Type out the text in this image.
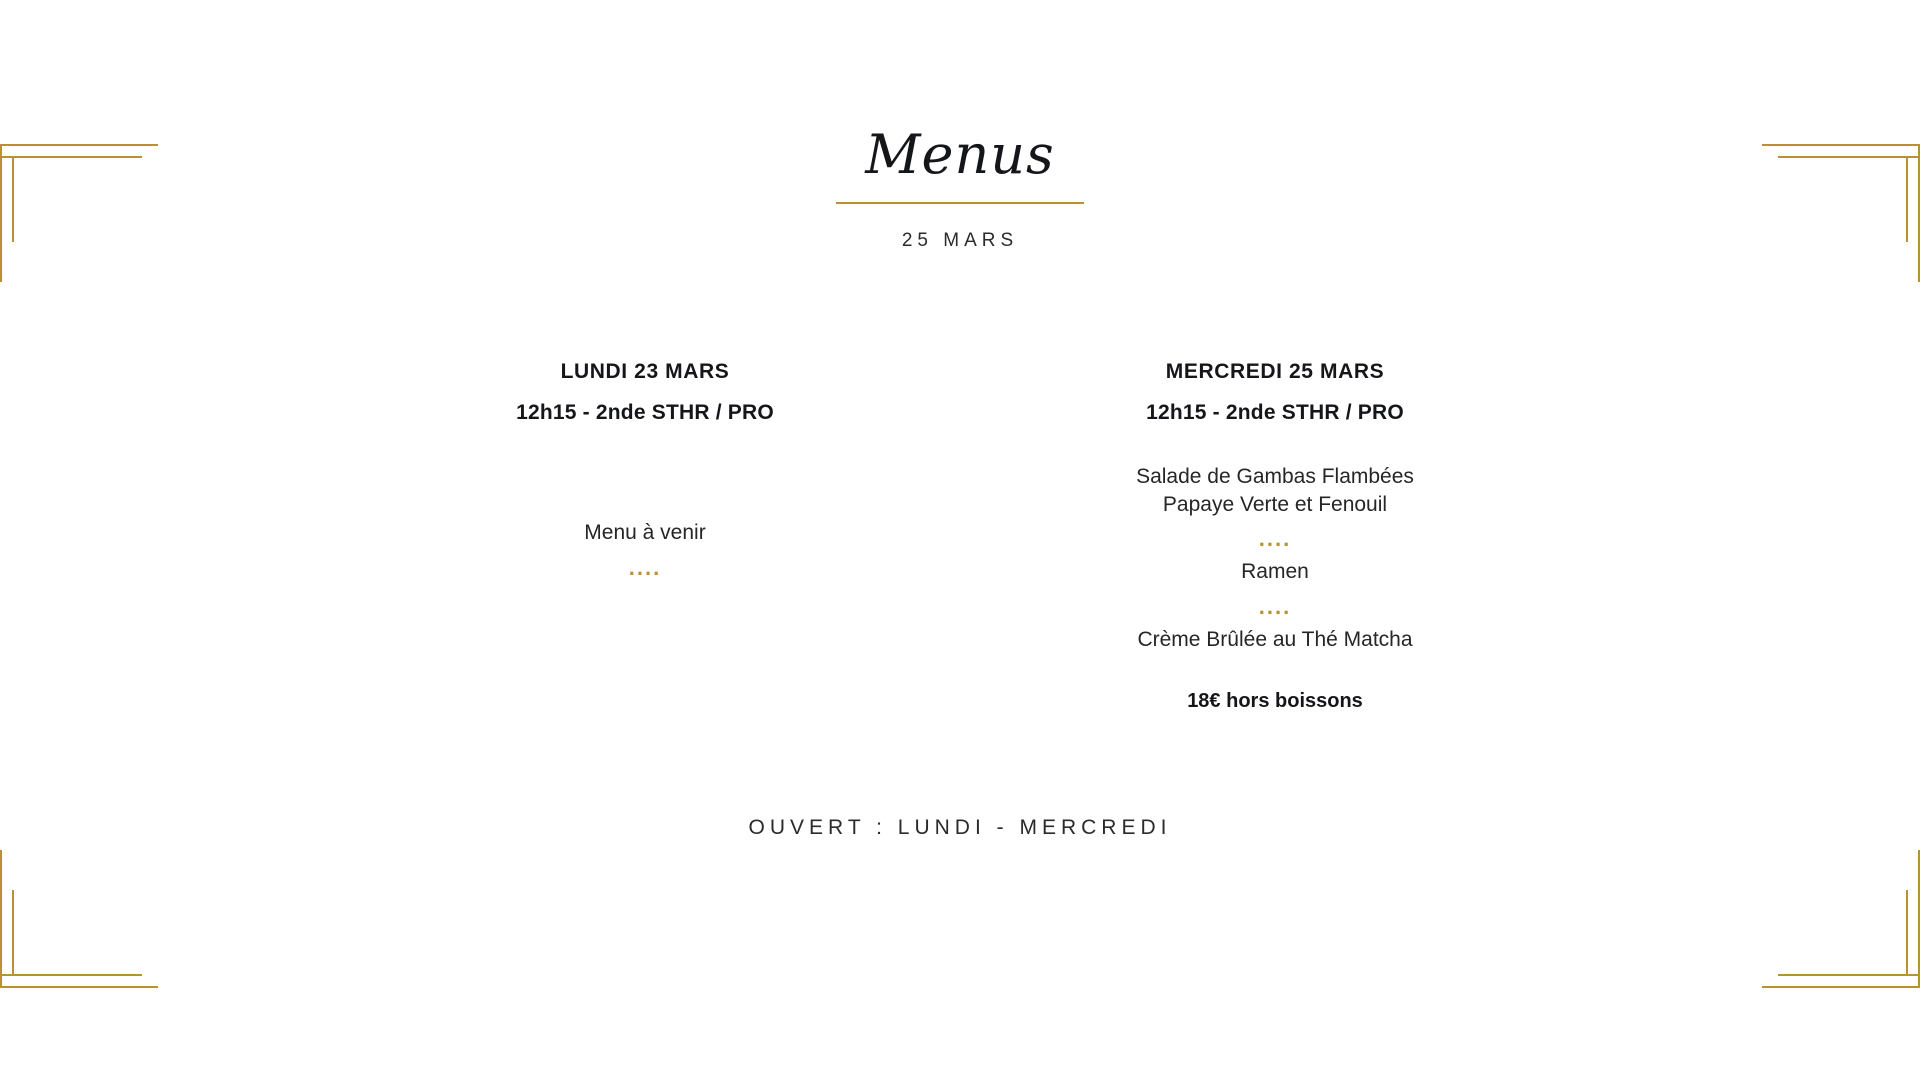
Menus
25 MARS
LUNDI 23 MARS
12h15 - 2nde STHR / PRO
Menu à venir
....
MERCREDI 25 MARS
12h15 - 2nde STHR / PRO
Salade de Gambas Flambées
Papaye Verte et Fenouil
....
Ramen
....
Crème Brûlée au Thé Matcha
18€ hors boissons
OUVERT : LUNDI - MERCREDI
